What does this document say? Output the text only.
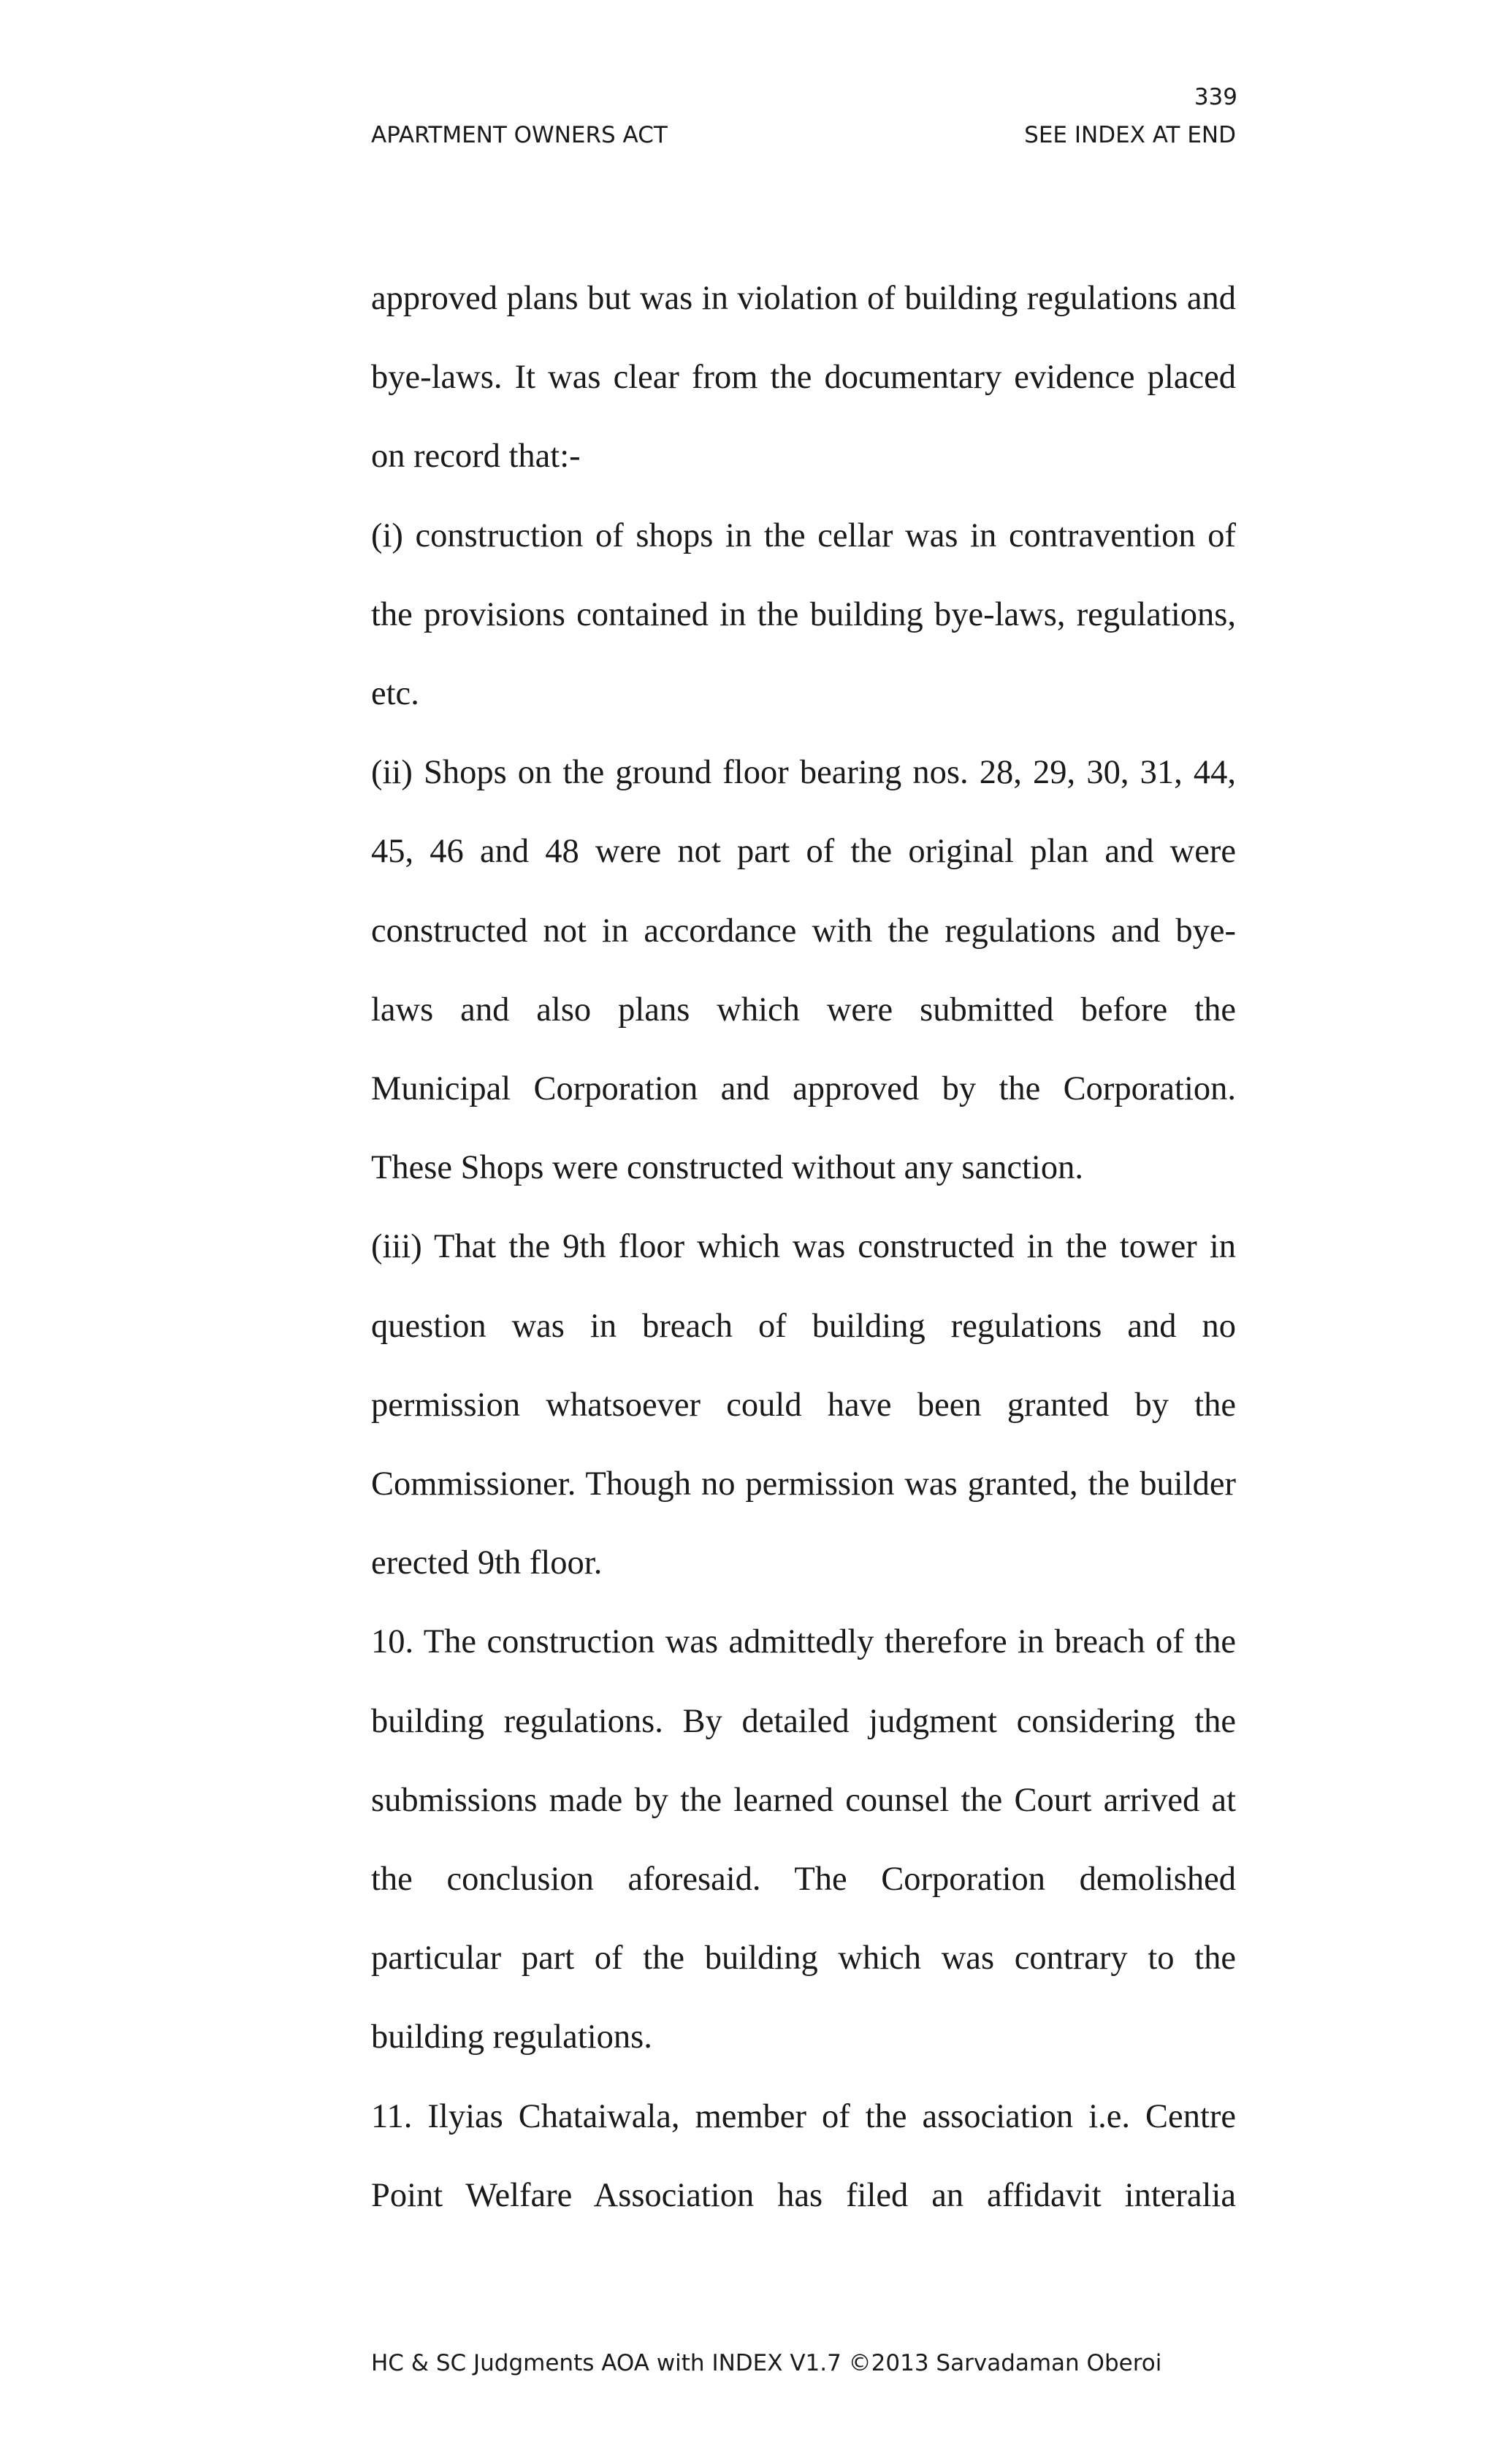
339
APARTMENT OWNERS ACT	SEE INDEX AT END

approved plans but was in violation of building regulations and bye-laws. It was clear from the documentary evidence placed on record that:-

(i) construction of shops in the cellar was in contravention of the provisions contained in the building bye-laws, regulations, etc.

(ii) Shops on the ground floor bearing nos. 28, 29, 30, 31, 44, 45, 46 and 48 were not part of the original plan and were constructed not in accordance with the regulations and bye-laws and also plans which were submitted before the Municipal Corporation and approved by the Corporation. These Shops were constructed without any sanction.

(iii) That the 9th floor which was constructed in the tower in question was in breach of building regulations and no permission whatsoever could have been granted by the Commissioner. Though no permission was granted, the builder erected 9th floor.

10. The construction was admittedly therefore in breach of the building regulations. By detailed judgment considering the submissions made by the learned counsel the Court arrived at the conclusion aforesaid. The Corporation demolished particular part of the building which was contrary to the building regulations.

11. Ilyias Chataiwala, member of the association i.e. Centre Point Welfare Association has filed an affidavit interalia

HC & SC Judgments AOA with INDEX V1.7 ©2013 Sarvadaman Oberoi
